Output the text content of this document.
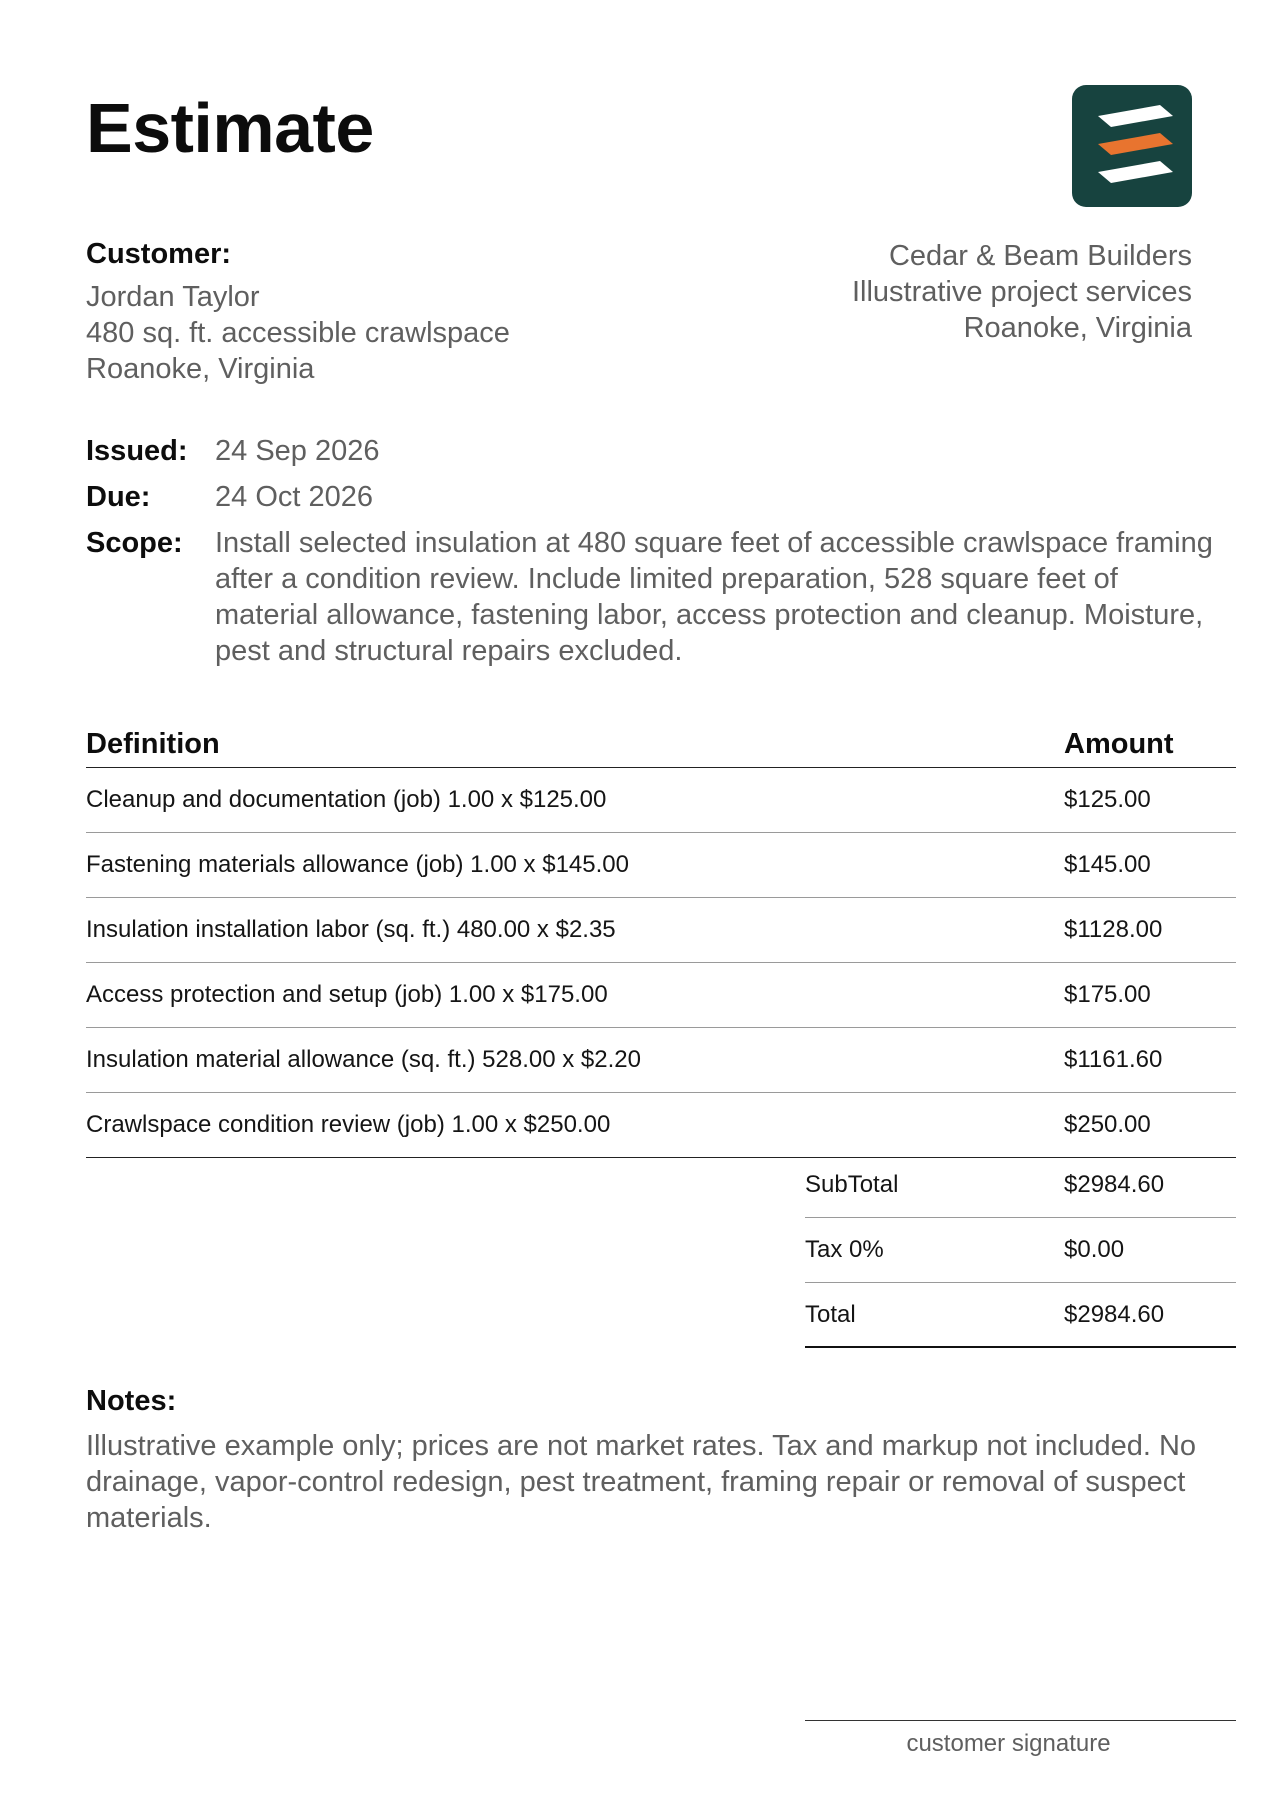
Estimate
Customer:
Jordan Taylor
480 sq. ft. accessible crawlspace
Roanoke, Virginia
Cedar & Beam Builders
Illustrative project services
Roanoke, Virginia
Issued: 24 Sep 2026
Due:	24 Oct 2026
Scope:	Install selected insulation at 480 square feet of accessible crawlspace framing after a condition review. Include limited preparation, 528 square feet of material allowance, fastening labor, access protection and cleanup. Moisture, pest and structural repairs excluded.
Definition	Amount
Cleanup and documentation (job) 1.00 x $125.00	$125.00
Fastening materials allowance (job) 1.00 x $145.00	$145.00
Insulation installation labor (sq. ft.) 480.00 x $2.35	$1128.00
Access protection and setup (job) 1.00 x $175.00	$175.00
Insulation material allowance (sq. ft.) 528.00 x $2.20	$1161.60
Crawlspace condition review (job) 1.00 x $250.00	$250.00
SubTotal	$2984.60
Tax 0%	$0.00
Total	$2984.60
Notes:
Illustrative example only; prices are not market rates. Tax and markup not included. No drainage, vapor-control redesign, pest treatment, framing repair or removal of suspect materials.
customer signature
